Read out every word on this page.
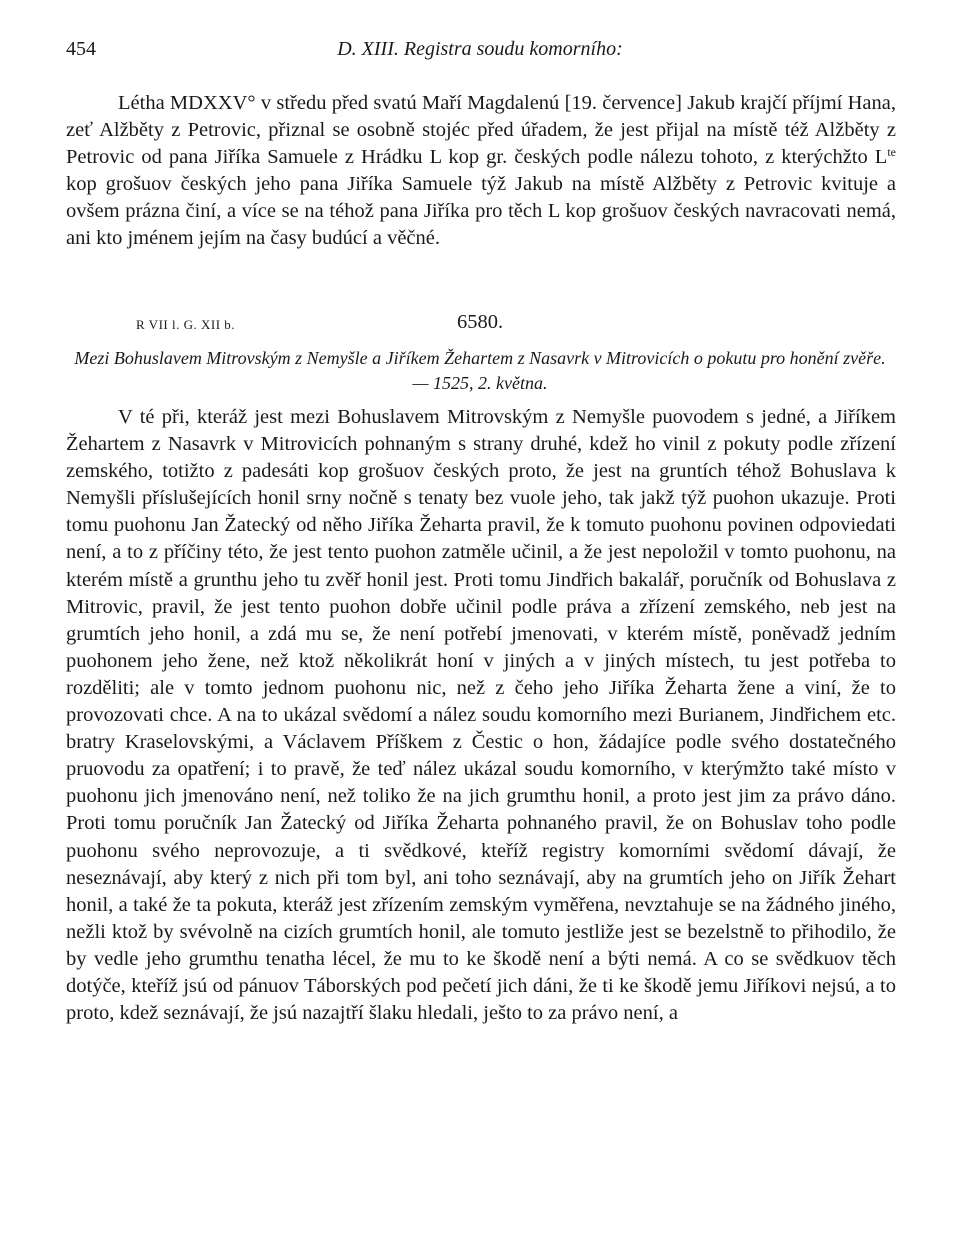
454	D. XIII. Registra soudu komorního:

Létha MDXXV° v středu před svatú Maří Magdalenú [19. července] Jakub krajčí příjmí Hana, zeť Alžběty z Petrovic, přiznal se osobně stojéc před úřadem, že jest přijal na místě též Alžběty z Petrovic od pana Jiříka Samuele z Hrádku L kop gr. českých podle nálezu tohoto, z kterýchžto $L^{te}$ kop grošuov českých jeho pana Jiříka Samuele týž Jakub na místě Alžběty z Petrovic kvituje a ovšem prázna činí, a více se na téhož pana Jiříka pro těch L kop grošuov českých navracovati nemá, ani kto jménem jejím na časy budúcí a věčné.

R VII l. G. XII b.	6580.
Mezi Bohuslavem Mitrovským z Nemyšle a Jiříkem Žehartem z Nasavrk v Mitrovicích o pokutu pro honění zvěře. — 1525, 2. května.

V té při, kteráž jest mezi Bohuslavem Mitrovským z Nemyšle puovodem s jedné, a Jiříkem Žehartem z Nasavrk v Mitrovicích pohnaným s strany druhé, kdež ho vinil z pokuty podle zřízení zemského, totižto z padesáti kop grošuov českých proto, že jest na gruntích téhož Bohuslava k Nemyšli příslušejících honil srny nočně s tenaty bez vuole jeho, tak jakž týž puohon ukazuje. Proti tomu puohonu Jan Žatecký od něho Jiříka Žeharta pravil, že k tomuto puohonu povinen odpoviedati není, a to z příčiny této, že jest tento puohon zatměle učinil, a že jest nepoložil v tomto puohonu, na kterém místě a grunthu jeho tu zvěř honil jest. Proti tomu Jindřich bakalář, poručník od Bohuslava z Mitrovic, pravil, že jest tento puohon dobře učinil podle práva a zřízení zemského, neb jest na grumtích jeho honil, a zdá mu se, že není potřebí jmenovati, v kterém místě, poněvadž jedním puohonem jeho žene, než ktož několikrát honí v jiných a v jiných místech, tu jest potřeba to rozděliti; ale v tomto jednom puohonu nic, než z čeho jeho Jiříka Žeharta žene a viní, že to provozovati chce. A na to ukázal svědomí a nález soudu komorního mezi Burianem, Jindřichem etc. bratry Kraselovskými, a Václavem Příškem z Čestic o hon, žádajíce podle svého dostatečného pruovodu za opatření; i to pravě, že teď nález ukázal soudu komorního, v kterýmžto také místo v puohonu jich jmenováno není, než toliko že na jich grumthu honil, a proto jest jim za právo dáno. Proti tomu poručník Jan Žatecký od Jiříka Žeharta pohnaného pravil, že on Bohuslav toho podle puohonu svého neprovozuje, a ti svědkové, kteříž registry komorními svědomí dávají, že neseznávají, aby který z nich při tom byl, ani toho seznávají, aby na grumtích jeho on Jiřík Žehart honil, a také že ta pokuta, kteráž jest zřízením zemským vyměřena, nevztahuje se na žádného jiného, nežli ktož by svévolně na cizích grumtích honil, ale tomuto jestliže jest se bezelstně to přihodilo, že by vedle jeho grumthu tenatha lécel, že mu to ke škodě není a býti nemá. A co se svědkuov těch dotýče, kteříž jsú od pánuov Táborských pod pečetí jich dáni, že ti ke škodě jemu Jiříkovi nejsú, a to proto, kdež seznávají, že jsú nazajtří šlaku hledali, ješto to za právo není, a
